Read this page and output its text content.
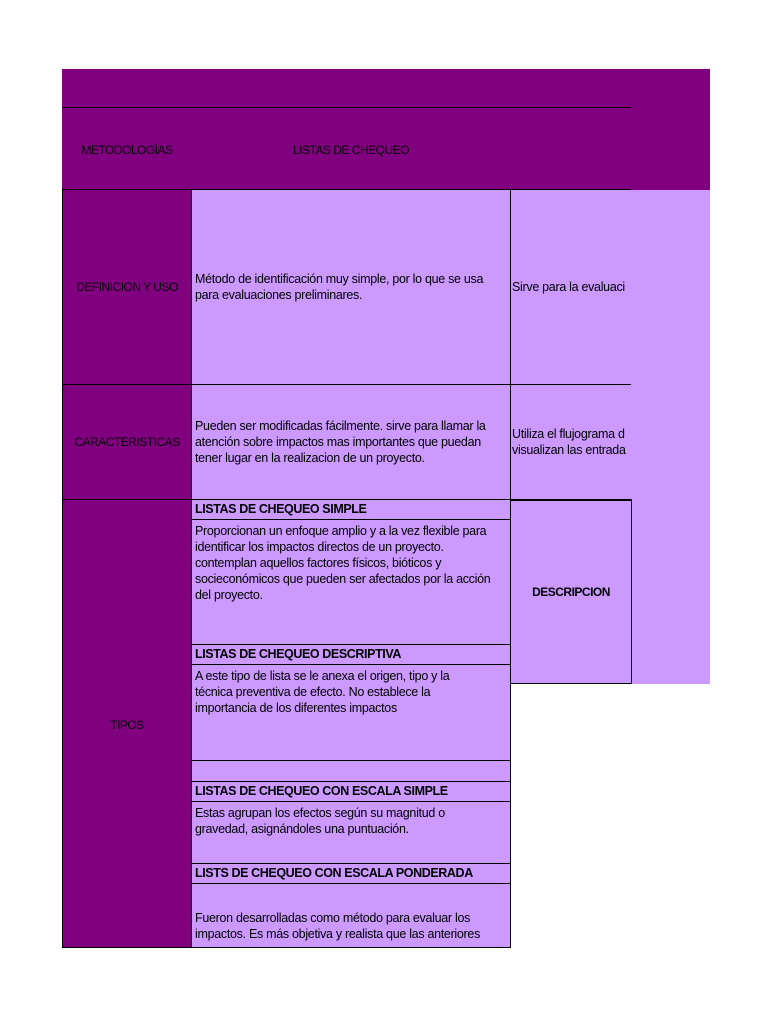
METODOLOGÍAS	LISTAS DE CHEQUEO
DEFINICION Y USO
Método de identificación muy simple, por lo que se usa para evaluaciones preliminares.
Sirve para la evaluaci
CARACTERISTICAS
Pueden ser modificadas fácilmente. sirve para llamar la atención sobre impactos mas importantes que puedan tener lugar en la realizacion de un proyecto.
Utiliza el flujograma d
visualizan las entrada
TIPOS
DESCRIPCION
LISTAS DE CHEQUEO SIMPLE
Proporcionan un enfoque amplio y a la vez flexible para identificar los impactos directos de un proyecto. contemplan aquellos factores físicos, bióticos y socieconómicos que pueden ser afectados por la acción del proyecto.
LISTAS DE CHEQUEO DESCRIPTIVA
A este tipo de lista se le anexa el origen, tipo y la técnica preventiva de efecto. No establece la importancia de los diferentes impactos
LISTAS DE CHEQUEO CON ESCALA SIMPLE
Estas agrupan los efectos según su magnitud o gravedad, asignándoles una puntuación.
LISTS DE CHEQUEO CON ESCALA PONDERADA
Fueron desarrolladas como método para evaluar los impactos. Es más objetiva y realista que las anteriores
